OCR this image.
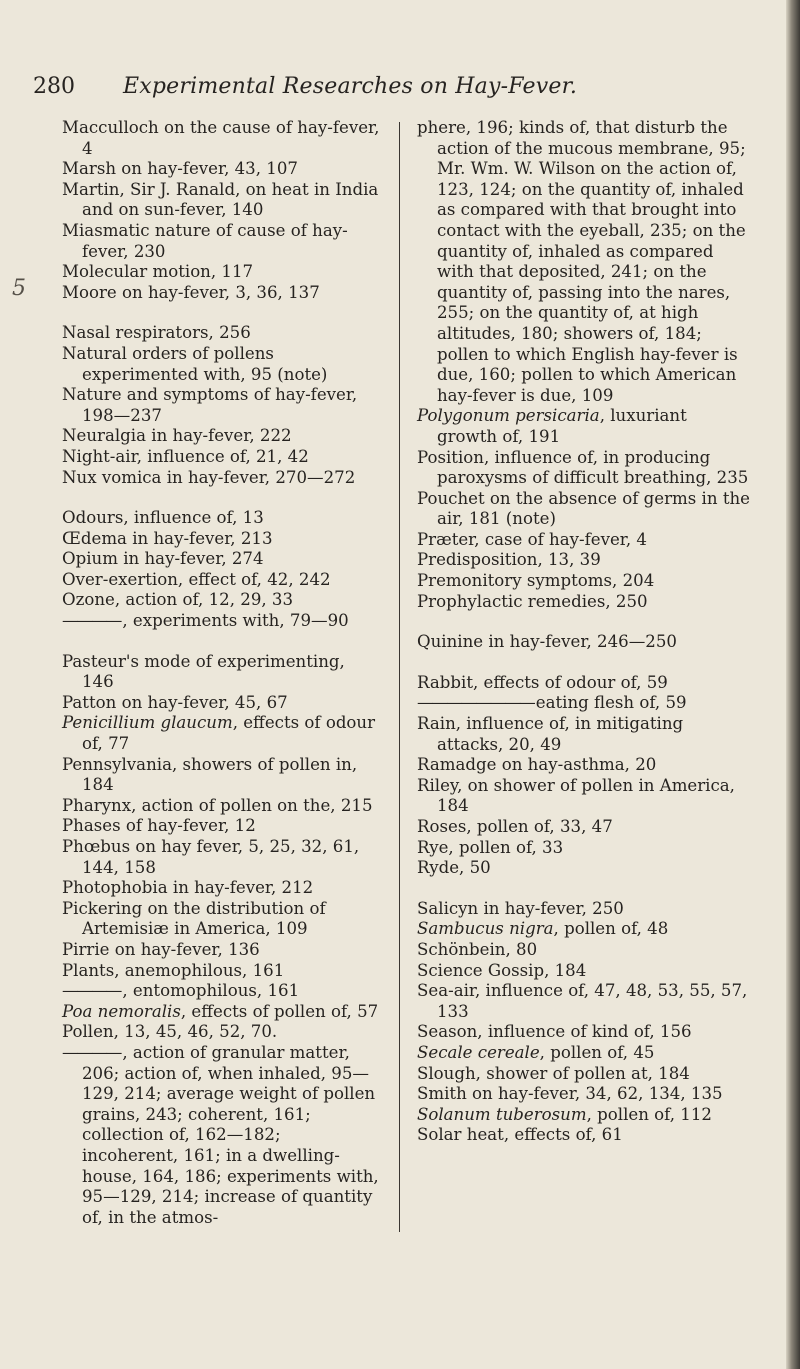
280 Experimental Researches on Hay-Fever.
5
Macculloch on the cause of hay-fever, 4
Marsh on hay-fever, 43, 107
Martin, Sir J. Ranald, on heat in India and on sun-fever, 140
Miasmatic nature of cause of hay-fever, 230
Molecular motion, 117
Moore on hay-fever, 3, 36, 137
Nasal respirators, 256
Natural orders of pollens experimented with, 95 (note)
Nature and symptoms of hay-fever, 198—237
Neuralgia in hay-fever, 222
Night-air, influence of, 21, 42
Nux vomica in hay-fever, 270—272
Odours, influence of, 13
Œdema in hay-fever, 213
Opium in hay-fever, 274
Over-exertion, effect of, 42, 242
Ozone, action of, 12, 29, 33
———— , experiments with, 79—90
Pasteur's mode of experimenting, 146
Patton on hay-fever, 45, 67
Penicillium glaucum, effects of odour of, 77
Pennsylvania, showers of pollen in, 184
Pharynx, action of pollen on the, 215
Phases of hay-fever, 12
Phœbus on hay fever, 5, 25, 32, 61, 144, 158
Photophobia in hay-fever, 212
Pickering on the distribution of Artemisiæ in America, 109
Pirrie on hay-fever, 136
Plants, anemophilous, 161
———— , entomophilous, 161
Poa nemoralis, effects of pollen of, 57
Pollen, 13, 45, 46, 52, 70.
———— , action of granular matter, 206; action of, when inhaled, 95—129, 214; average weight of pollen grains, 243; coherent, 161; collection of, 162—182; incoherent, 161; in a dwelling-house, 164, 186; experiments with, 95—129, 214; increase of quantity of, in the atmos-
phere, 196; kinds of, that disturb the action of the mucous membrane, 95; Mr. Wm. W. Wilson on the action of, 123, 124; on the quantity of, inhaled as compared with that brought into contact with the eyeball, 235; on the quantity of, inhaled as compared with that deposited, 241; on the quantity of, passing into the nares, 255; on the quantity of, at high altitudes, 180; showers of, 184; pollen to which English hay-fever is due, 160; pollen to which American hay-fever is due, 109
Polygonum persicaria, luxuriant growth of, 191
Position, influence of, in producing paroxysms of difficult breathing, 235
Pouchet on the absence of germs in the air, 181 (note)
Præter, case of hay-fever, 4
Predisposition, 13, 39
Premonitory symptoms, 204
Prophylactic remedies, 250
Quinine in hay-fever, 246—250
Rabbit, effects of odour of, 59
———————— eating flesh of, 59
Rain, influence of, in mitigating attacks, 20, 49
Ramadge on hay-asthma, 20
Riley, on shower of pollen in America, 184
Roses, pollen of, 33, 47
Rye, pollen of, 33
Ryde, 50
Salicyn in hay-fever, 250
Sambucus nigra, pollen of, 48
Schönbein, 80
Science Gossip, 184
Sea-air, influence of, 47, 48, 53, 55, 57, 133
Season, influence of kind of, 156
Secale cereale, pollen of, 45
Slough, shower of pollen at, 184
Smith on hay-fever, 34, 62, 134, 135
Solanum tuberosum, pollen of, 112
Solar heat, effects of, 61
